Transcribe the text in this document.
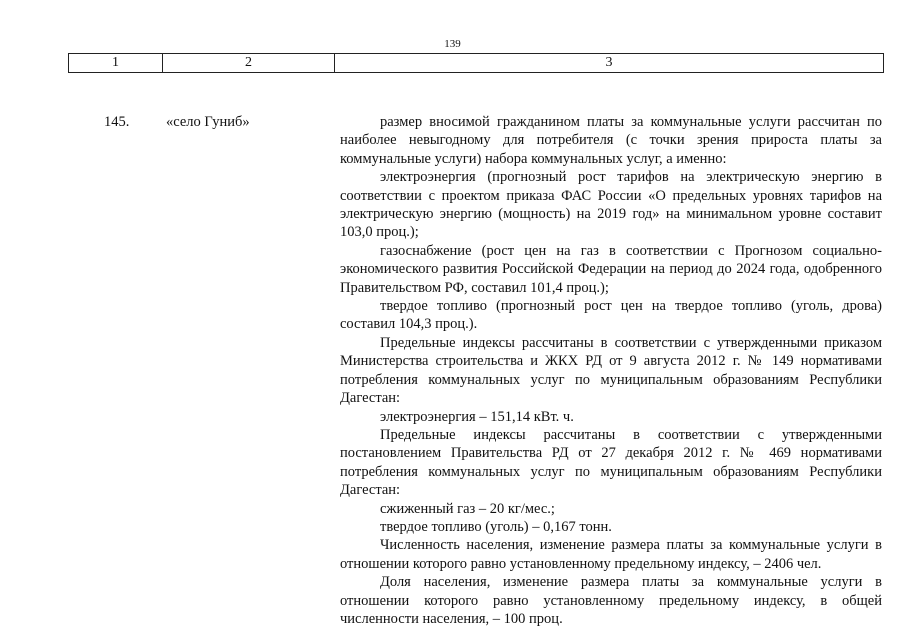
139
1	2	3
145.	«село Гуниб»	размер вносимой гражданином платы за коммунальные услуги рассчитан по наиболее невыгодному для потребителя (с точки зрения прироста платы за коммунальные услуги) набора коммунальных услуг, а именно:

электроэнергия (прогнозный рост тарифов на электрическую энергию в соответствии с проектом приказа ФАС России «О предельных уровнях тарифов на электрическую энергию (мощность) на 2019 год» на минимальном уровне составит 103,0 проц.);

газоснабжение (рост цен на газ в соответствии с Прогнозом социально-экономического развития Российской Федерации на период до 2024 года, одобренного Правительством РФ, составил 101,4 проц.);

твердое топливо (прогнозный рост цен на твердое топливо (уголь, дрова) составил 104,3 проц.).

Предельные индексы рассчитаны в соответствии с утвержденными приказом Министерства строительства и ЖКХ РД от 9 августа 2012 г. № 149 нормативами потребления коммунальных услуг по муниципальным образованиям Республики Дагестан:

электроэнергия – 151,14 кВт. ч.

Предельные индексы рассчитаны в соответствии с утвержденными постановлением Правительства РД от 27 декабря 2012 г. № 469 нормативами потребления коммунальных услуг по муниципальным образованиям Республики Дагестан:

сжиженный газ – 20 кг/мес.;

твердое топливо (уголь) – 0,167 тонн.

Численность населения, изменение размера платы за коммунальные услуги в отношении которого равно установленному предельному индексу, – 2406 чел.

Доля населения, изменение размера платы за коммунальные услуги в отношении которого равно установленному предельному индексу, в общей численности населения, – 100 проц.
